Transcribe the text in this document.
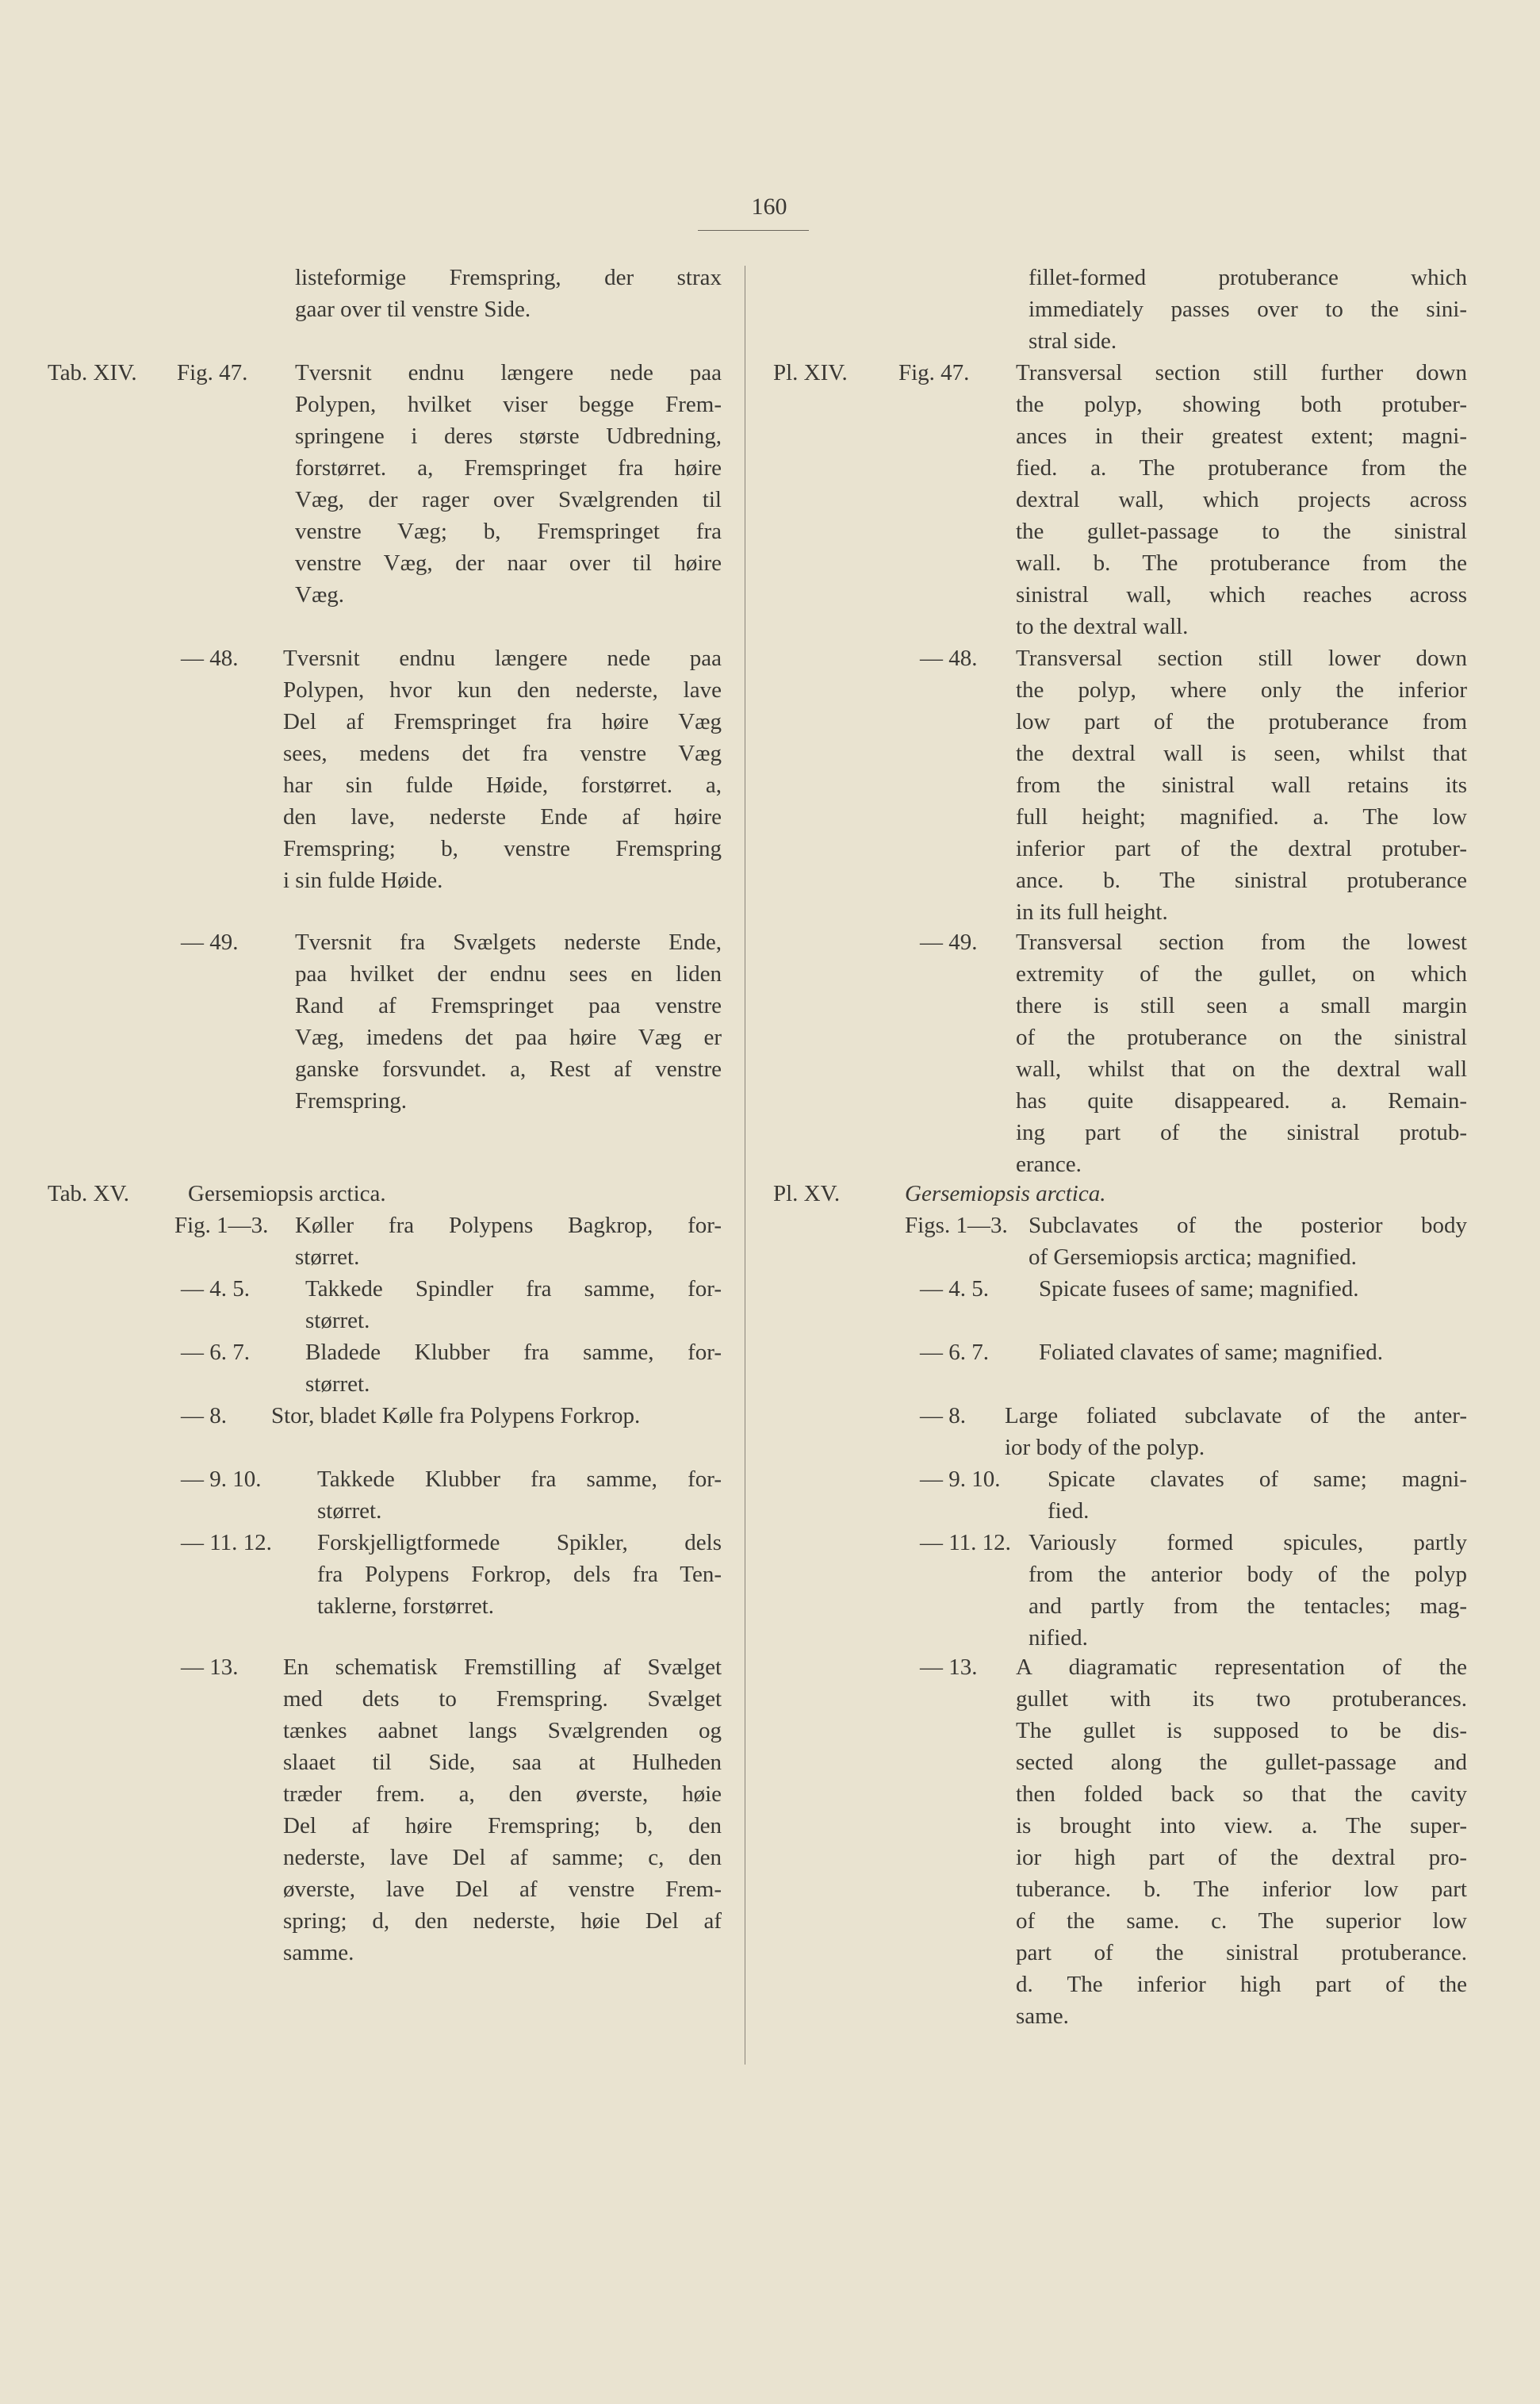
160
listeformige Fremspring, der strax
gaar over til venstre Side.
Tab. XIV. Fig. 47. Tversnit endnu længere nede paa
Polypen, hvilket viser begge Frem-
springene i deres største Udbredning,
forstørret. a, Fremspringet fra høire
Væg, der rager over Svælgrenden til
venstre Væg; b, Fremspringet fra
venstre Væg, der naar over til høire
Væg.
— 48. Tversnit endnu længere nede paa
Polypen, hvor kun den nederste, lave
Del af Fremspringet fra høire Væg
sees, medens det fra venstre Væg
har sin fulde Høide, forstørret. a,
den lave, nederste Ende af høire
Fremspring; b, venstre Fremspring
i sin fulde Høide.
— 49. Tversnit fra Svælgets nederste Ende,
paa hvilket der endnu sees en liden
Rand af Fremspringet paa venstre
Væg, imedens det paa høire Væg er
ganske forsvundet. a, Rest af venstre
Fremspring.
Tab. XV.	Gersemiopsis arctica.
Fig. 1—3. Køller fra Polypens Bagkrop, for-
størret.
— 4. 5. Takkede Spindler fra samme, for-
størret.
— 6. 7. Bladede Klubber fra samme, for-
størret.
— 8. Stor, bladet Kølle fra Polypens Forkrop.
— 9. 10. Takkede Klubber fra samme, for-
størret.
— 11. 12. Forskjelligtformede Spikler, dels
fra Polypens Forkrop, dels fra Ten-
taklerne, forstørret.
— 13. En schematisk Fremstilling af Svælget
med dets to Fremspring. Svælget
tænkes aabnet langs Svælgrenden og
slaaet til Side, saa at Hulheden
træder frem. a, den øverste, høie
Del af høire Fremspring; b, den
nederste, lave Del af samme; c, den
øverste, lave Del af venstre Frem-
spring; d, den nederste, høie Del af
samme.
fillet-formed protuberance which
immediately passes over to the sini-
stral side.
Pl. XIV. Fig. 47. Transversal section still further down
the polyp, showing both protuber-
ances in their greatest extent; magni-
fied. a. The protuberance from the
dextral wall, which projects across
the gullet-passage to the sinistral
wall. b. The protuberance from the
sinistral wall, which reaches across
to the dextral wall.
— 48. Transversal section still lower down
the polyp, where only the inferior
low part of the protuberance from
the dextral wall is seen, whilst that
from the sinistral wall retains its
full height; magnified. a. The low
inferior part of the dextral protuber-
ance. b. The sinistral protuberance
in its full height.
— 49. Transversal section from the lowest
extremity of the gullet, on which
there is still seen a small margin
of the protuberance on the sinistral
wall, whilst that on the dextral wall
has quite disappeared. a. Remain-
ing part of the sinistral protub-
erance.
Pl. XV.	Gersemiopsis arctica.
Figs. 1—3. Subclavates of the posterior body
of Gersemiopsis arctica; magnified.
— 4. 5. Spicate fusees of same; magnified.
— 6. 7. Foliated clavates of same; magnified.
— 8. Large foliated subclavate of the anter-
ior body of the polyp.
— 9. 10. Spicate clavates of same; magni-
fied.
— 11. 12. Variously formed spicules, partly
from the anterior body of the polyp
and partly from the tentacles; mag-
nified.
— 13. A diagramatic representation of the
gullet with its two protuberances.
The gullet is supposed to be dis-
sected along the gullet-passage and
then folded back so that the cavity
is brought into view. a. The super-
ior high part of the dextral pro-
tuberance. b. The inferior low part
of the same. c. The superior low
part of the sinistral protuberance.
d. The inferior high part of the
same.
